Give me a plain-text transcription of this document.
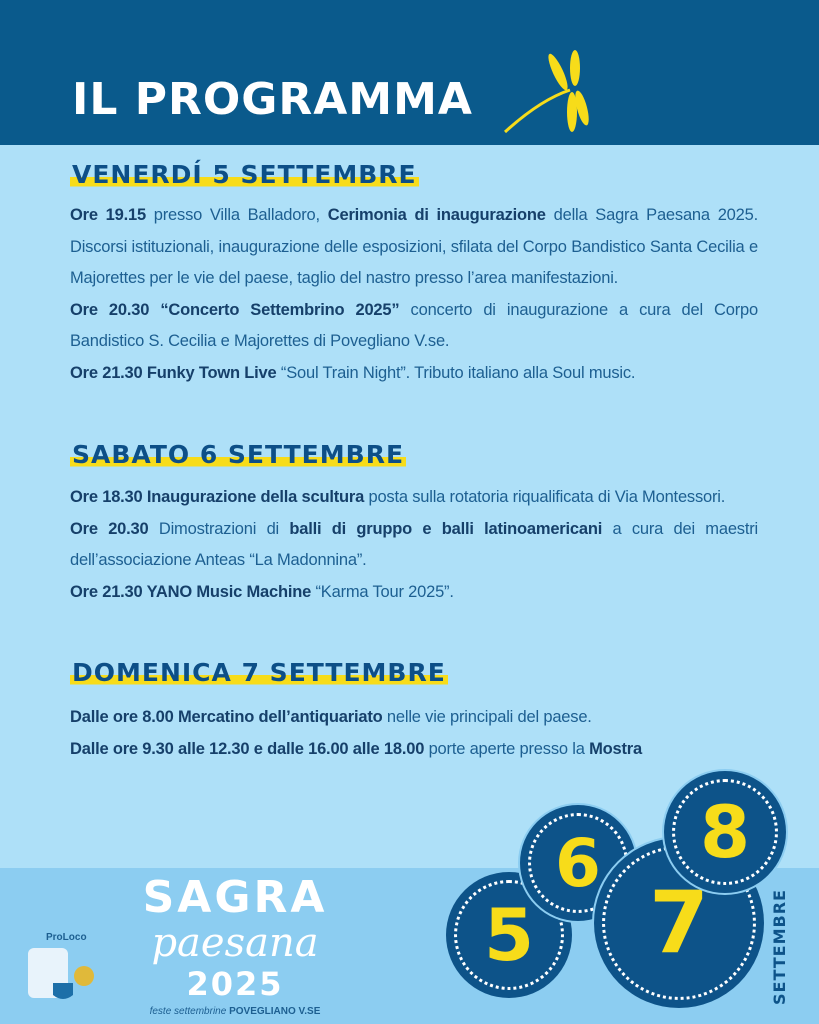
IL PROGRAMMA
VENERDÍ 5 SETTEMBRE

Ore 19.15 presso Villa Balladoro, Cerimonia di inaugurazione della Sagra Paesana 2025. Discorsi istituzionali, inaugurazione delle esposizioni, sfilata del Corpo Bandistico Santa Cecilia e Majorettes per le vie del paese, taglio del nastro presso l’area manifestazioni.

Ore 20.30 “Concerto Settembrino 2025” concerto di inaugurazione a cura del Corpo Bandistico S. Cecilia e Majorettes di Povegliano V.se.

Ore 21.30 Funky Town Live “Soul Train Night”. Tributo italiano alla Soul music.

SABATO 6 SETTEMBRE

Ore 18.30 Inaugurazione della scultura posta sulla rotatoria riqualificata di Via Montessori.

Ore 20.30 Dimostrazioni di balli di gruppo e balli latinoamericani a cura dei maestri dell’associazione Anteas “La Madonnina”.

Ore 21.30 YANO Music Machine “Karma Tour 2025”.

DOMENICA 7 SETTEMBRE

Dalle ore 8.00 Mercatino dell’antiquariato nelle vie principali del paese.

Dalle ore 9.30 alle 12.30 e dalle 16.00 alle 18.00 porte aperte presso la Mostra

ProLoco
SAGRA
paesana
2025
feste settembrine POVEGLIANO V.SE
5
6
7
8
SETTEMBRE
